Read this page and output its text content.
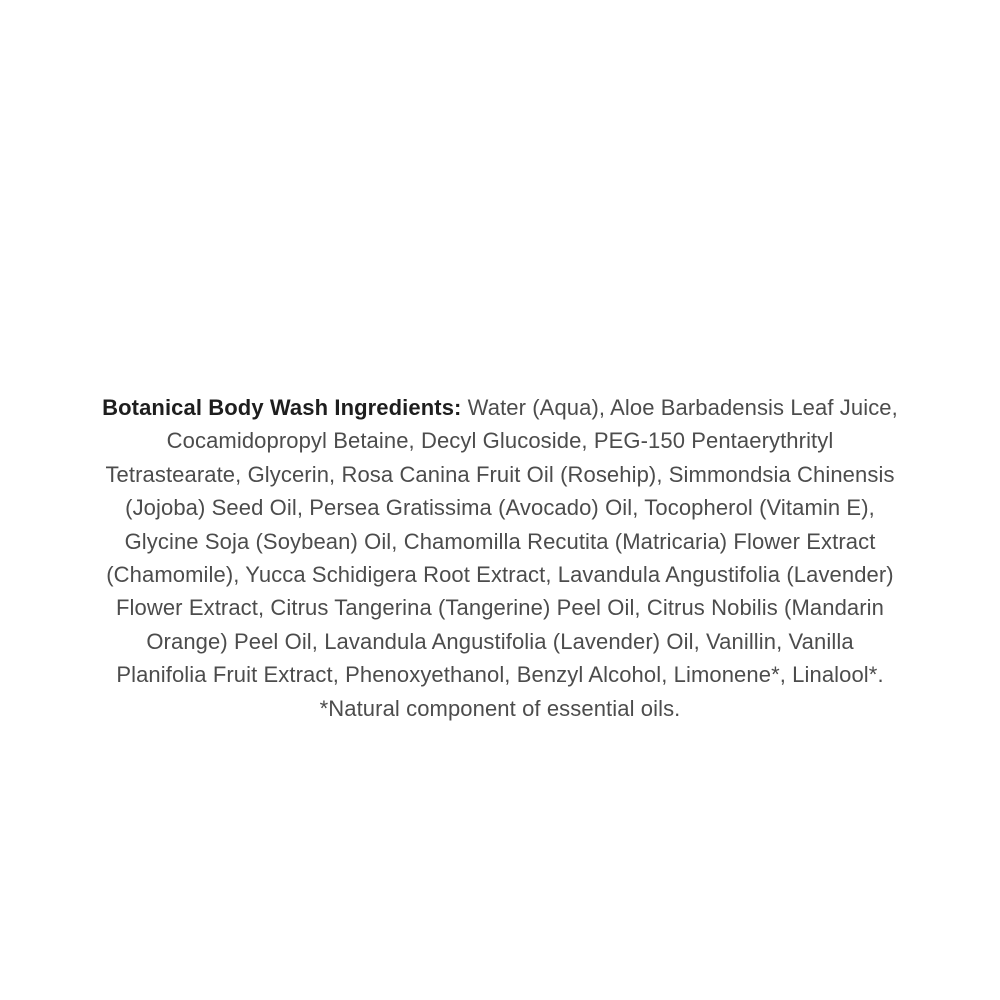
Botanical Body Wash Ingredients: Water (Aqua), Aloe Barbadensis Leaf Juice, Cocamidopropyl Betaine, Decyl Glucoside, PEG-150 Pentaerythrityl Tetrastearate, Glycerin, Rosa Canina Fruit Oil (Rosehip), Simmondsia Chinensis (Jojoba) Seed Oil, Persea Gratissima (Avocado) Oil, Tocopherol (Vitamin E), Glycine Soja (Soybean) Oil, Chamomilla Recutita (Matricaria) Flower Extract (Chamomile), Yucca Schidigera Root Extract, Lavandula Angustifolia (Lavender) Flower Extract, Citrus Tangerina (Tangerine) Peel Oil, Citrus Nobilis (Mandarin Orange) Peel Oil, Lavandula Angustifolia (Lavender) Oil, Vanillin, Vanilla Planifolia Fruit Extract, Phenoxyethanol, Benzyl Alcohol, Limonene*, Linalool*. *Natural component of essential oils.
